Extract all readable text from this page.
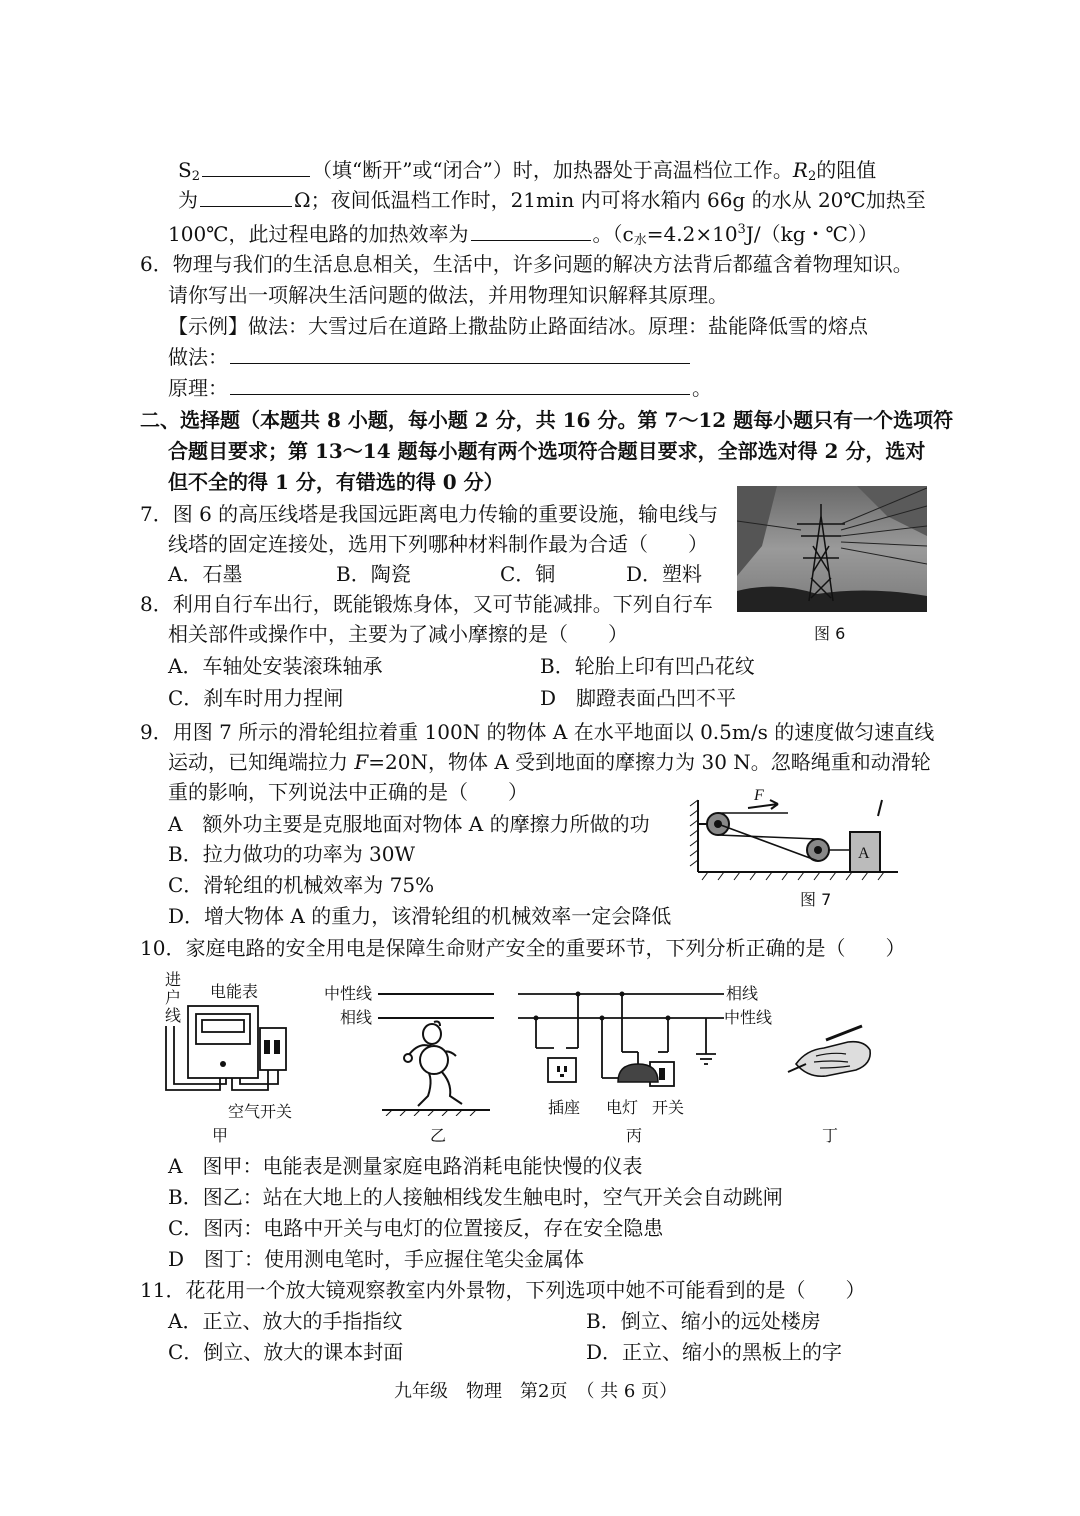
$S_2$	（填“断开”或“闭合”）时，加热器处于高温档位工作。$R_2$的阻值
为	Ω；夜间低温档工作时，21min 内可将水箱内 66g 的水从 20℃加热至
100℃，此过程电路的加热效率为	。（$c_水=4.2\times 10^3J/(kg$・℃））
6．物理与我们的生活息息相关，生活中，许多问题的解决方法背后都蕴含着物理知识。
请你写出一项解决生活问题的做法，并用物理知识解释其原理。
【示例】做法：大雪过后在道路上撒盐防止路面结冰。原理：盐能降低雪的熔点
做法：
原理：	。
二、选择题（本题共 8 小题，每小题 2 分，共 16 分。第 7～12 题每小题只有一个选项符
合题目要求；第 13～14 题每小题有两个选项符合题目要求，全部选对得 2 分，选对
但不全的得 1 分，有错选的得 0 分）
7．图 6 的高压线塔是我国远距离电力传输的重要设施，输电线与
线塔的固定连接处，选用下列哪种材料制作最为合适（　　）
A．石墨	B．陶瓷	C．铜	D．塑料
图 6
8．利用自行车出行，既能锻炼身体，又可节能减排。下列自行车
相关部件或操作中，主要为了减小摩擦的是（　　）
A．车轴处安装滚珠轴承	B．轮胎上印有凹凸花纹
C．刹车时用力捏闸	D　脚蹬表面凸凹不平
9．用图 7 所示的滑轮组拉着重 100N 的物体 A 在水平地面以 0.5m/s 的速度做匀速直线
运动，已知绳端拉力 F=20N，物体 A 受到地面的摩擦力为 30 N。忽略绳重和动滑轮
重的影响，下列说法中正确的是（　　）
A　额外功主要是克服地面对物体 A 的摩擦力所做的功
B．拉力做功的功率为 30W
C．滑轮组的机械效率为 75%
D．增大物体 A 的重力，该滑轮组的机械效率一定会降低
A
F
图 7
10．家庭电路的安全用电是保障生命财产安全的重要环节，下列分析正确的是（　　）
进
户
线
电能表
空气开关
甲
中性线
相线
乙
相线
中性线
插座 电灯 开关
丙	丁
A　图甲：电能表是测量家庭电路消耗电能快慢的仪表
B．图乙：站在大地上的人接触相线发生触电时，空气开关会自动跳闸
C．图丙：电路中开关与电灯的位置接反，存在安全隐患
D　图丁：使用测电笔时，手应握住笔尖金属体
11．花花用一个放大镜观察教室内外景物，下列选项中她不可能看到的是（　　）
A．正立、放大的手指指纹	B．倒立、缩小的远处楼房
C．倒立、放大的课本封面	D．正立、缩小的黑板上的字
九年级　物理　第2页　（ 共 6 页）
